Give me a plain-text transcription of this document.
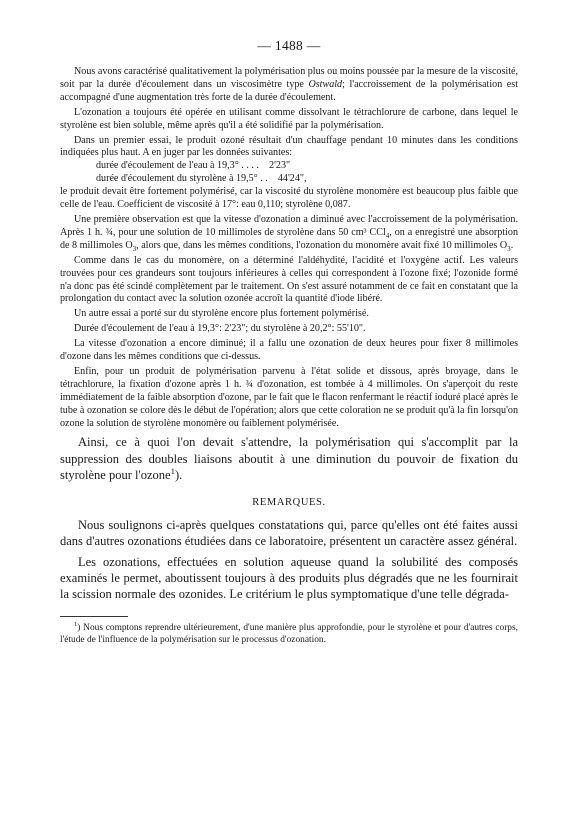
— 1488 —

Nous avons caractérisé qualitativement la polymérisation plus ou moins poussée par la mesure de la viscosité, soit par la durée d'écoulement dans un viscosimètre type Ostwald; l'accroissement de la polymérisation est accompagné d'une augmentation très forte de la durée d'écoulement.

L'ozonation a toujours été opérée en utilisant comme dissolvant le tétrachlorure de carbone, dans lequel le styrolène est bien soluble, même après qu'il a été solidifié par la polymérisation.

Dans un premier essai, le produit ozoné résultait d'un chauffage pendant 10 minutes dans les conditions indiquées plus haut. A en juger par les données suivantes:

durée d'écoulement de l'eau à 19,3° . . . .    2'23"
durée d'écoulement du styrolène à 19,5° . .    44'24",

le produit devait être fortement polymérisé, car la viscosité du styrolène monomère est beaucoup plus faible que celle de l'eau. Coefficient de viscosité à 17°: eau 0,110; styrolène 0,087.

Une première observation est que la vitesse d'ozonation a diminué avec l'accroissement de la polymérisation. Après 1 h. ¾, pour une solution de 10 millimoles de styrolène dans 50 cm³ CCl$_4$, on a enregistré une absorption de 8 millimoles $O_3$, alors que, dans les mêmes conditions, l'ozonation du monomère avait fixé 10 millimoles $O_3$.

Comme dans le cas du monomère, on a déterminé l'aldéhydité, l'acidité et l'oxygène actif. Les valeurs trouvées pour ces grandeurs sont toujours inférieures à celles qui correspondent à l'ozone fixé; l'ozonide formé n'a donc pas été scindé complètement par le traitement. On s'est assuré notamment de ce fait en constatant que la prolongation du contact avec la solution ozonée accroît la quantité d'iode libéré.

Un autre essai a porté sur du styrolène encore plus fortement polymérisé.

Durée d'écoulement de l'eau à 19,3°: 2'23"; du styrolène à 20,2°: 55'10".

La vitesse d'ozonation a encore diminué; il a fallu une ozonation de deux heures pour fixer 8 millimoles d'ozone dans les mêmes conditions que ci-dessus.

Enfin, pour un produit de polymérisation parvenu à l'état solide et dissous, après broyage, dans le tétrachlorure, la fixation d'ozone après 1 h. ¾ d'ozonation, est tombée à 4 millimoles. On s'aperçoit du reste immédiatement de la faible absorption d'ozone, par le fait que le flacon renfermant le réactif ioduré placé après le tube à ozonation se colore dès le début de l'opération; alors que cette coloration ne se produit qu'à la fin lorsqu'on ozone la solution de styrolène monomère ou faiblement polymérisée.

Ainsi, ce à quoi l'on devait s'attendre, la polymérisation qui s'accomplit par la suppression des doubles liaisons aboutit à une diminution du pouvoir de fixation du styrolène pour l'ozone$^1$).

REMARQUES.

Nous soulignons ci-après quelques constatations qui, parce qu'elles ont été faites aussi dans d'autres ozonations étudiées dans ce laboratoire, présentent un caractère assez général.

Les ozonations, effectuées en solution aqueuse quand la solubilité des composés examinés le permet, aboutissent toujours à des produits plus dégradés que ne les fournirait la scission normale des ozonides. Le critérium le plus symptomatique d'une telle dégrada-

$^1$) Nous comptons reprendre ultérieurement, d'une manière plus approfondie, pour le styrolène et pour d'autres corps, l'étude de l'influence de la polymérisation sur le processus d'ozonation.
